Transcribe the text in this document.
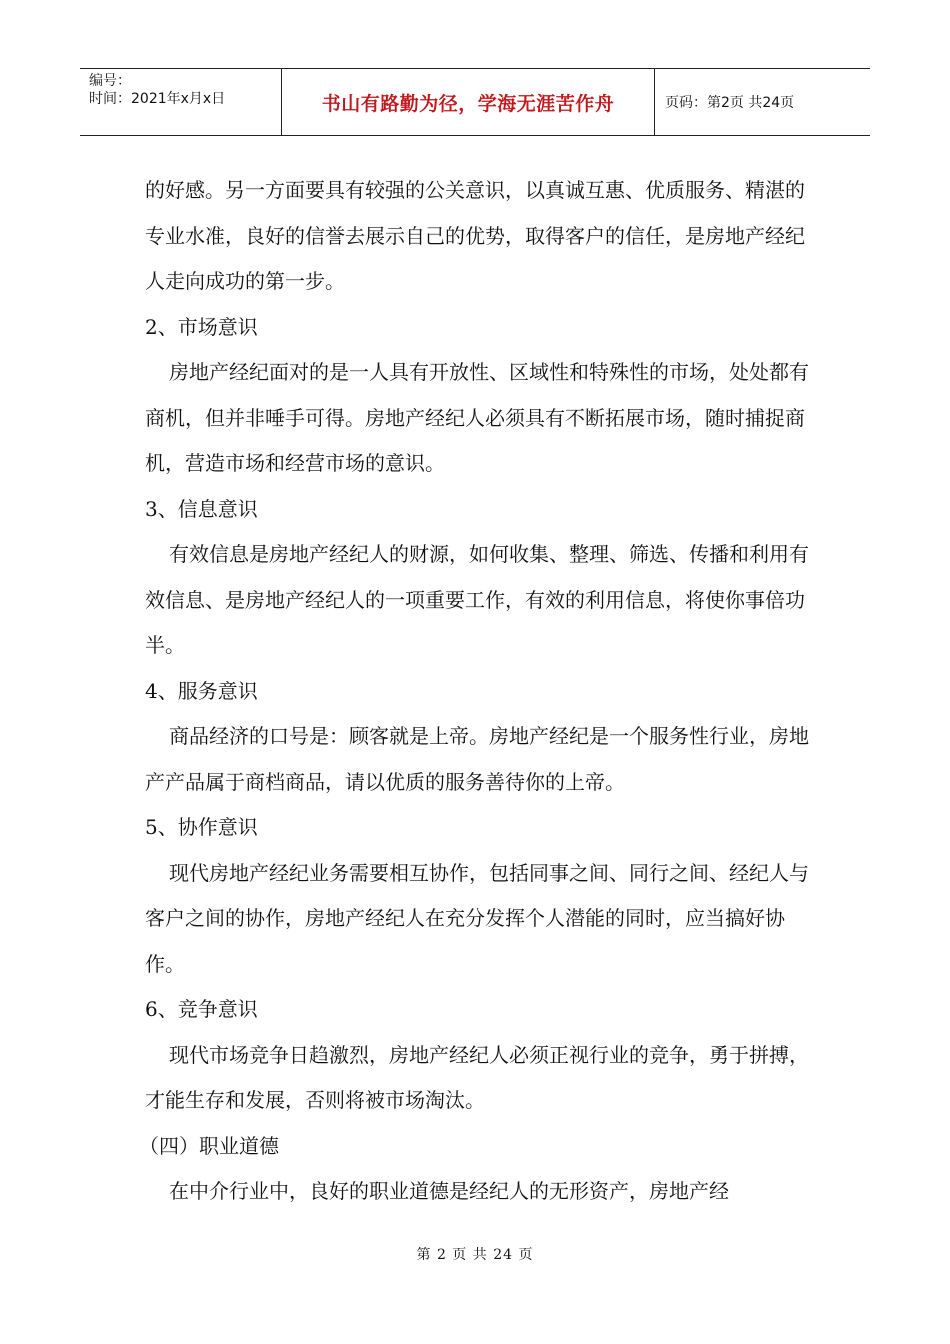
编号：
时间：2021年x月x日	书山有路勤为径，学海无涯苦作舟	页码：第2页 共24页

的好感。另一方面要具有较强的公关意识，以真诚互惠、优质服务、精湛的专业水准，良好的信誉去展示自己的优势，取得客户的信任，是房地产经纪人走向成功的第一步。

2、市场意识

房地产经纪面对的是一人具有开放性、区域性和特殊性的市场，处处都有商机，但并非唾手可得。房地产经纪人必须具有不断拓展市场，随时捕捉商机，营造市场和经营市场的意识。

3、信息意识

有效信息是房地产经纪人的财源，如何收集、整理、筛选、传播和利用有效信息、是房地产经纪人的一项重要工作，有效的利用信息，将使你事倍功半。

4、服务意识

商品经济的口号是：顾客就是上帝。房地产经纪是一个服务性行业，房地产产品属于商档商品，请以优质的服务善待你的上帝。

5、协作意识

现代房地产经纪业务需要相互协作，包括同事之间、同行之间、经纪人与客户之间的协作，房地产经纪人在充分发挥个人潜能的同时，应当搞好协作。

6、竞争意识

现代市场竞争日趋激烈，房地产经纪人必须正视行业的竞争，勇于拼搏，才能生存和发展，否则将被市场淘汰。

（四）职业道德

在中介行业中，良好的职业道德是经纪人的无形资产，房地产经

第 2 页 共 24 页
